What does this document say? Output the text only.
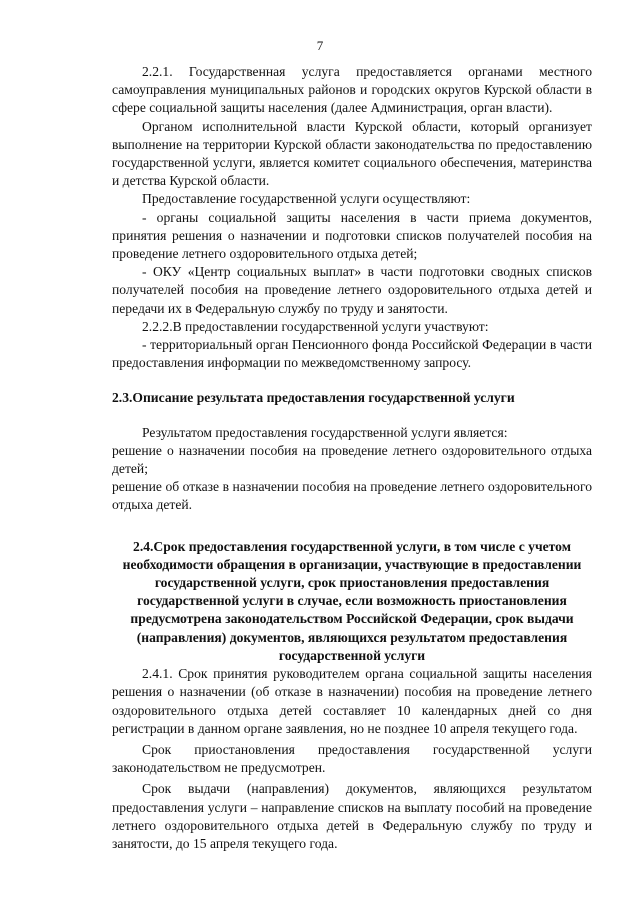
7

2.2.1. Государственная услуга предоставляется органами местного самоуправления муниципальных районов и городских округов Курской области в сфере социальной защиты населения (далее Администрация, орган власти).

Органом исполнительной власти Курской области, который организует выполнение на территории Курской области законодательства по предоставлению государственной услуги, является комитет социального обеспечения, материнства и детства Курской области.

Предоставление государственной услуги осуществляют:

- органы социальной защиты населения в части приема документов, принятия решения о назначении и подготовки списков получателей пособия на проведение летнего оздоровительного отдыха детей;

- ОКУ «Центр социальных выплат» в части подготовки сводных списков получателей пособия на проведение летнего оздоровительного отдыха детей и передачи их в Федеральную службу по труду и занятости.

2.2.2.В предоставлении государственной услуги участвуют:

- территориальный орган Пенсионного фонда Российской Федерации в части предоставления информации по межведомственному запросу.

2.3.Описание результата предоставления государственной услуги

Результатом предоставления государственной услуги является:

решение о назначении пособия на проведение летнего оздоровительного отдыха детей;

решение об отказе в назначении пособия на проведение летнего оздоровительного отдыха детей.

2.4.Срок предоставления государственной услуги, в том числе с учетом необходимости обращения в организации, участвующие в предоставлении государственной услуги, срок приостановления предоставления государственной услуги в случае, если возможность приостановления предусмотрена законодательством Российской Федерации, срок выдачи (направления) документов, являющихся результатом предоставления государственной услуги

2.4.1. Срок принятия руководителем органа социальной защиты населения решения о назначении (об отказе в назначении) пособия на проведение летнего оздоровительного отдыха детей составляет 10 календарных дней со дня регистрации в данном органе заявления, но не позднее 10 апреля текущего года.

Срок приостановления предоставления государственной услуги законодательством не предусмотрен.

Срок выдачи (направления) документов, являющихся результатом предоставления услуги – направление списков на выплату пособий на проведение летнего оздоровительного отдыха детей в Федеральную службу по труду и занятости, до 15 апреля текущего года.
